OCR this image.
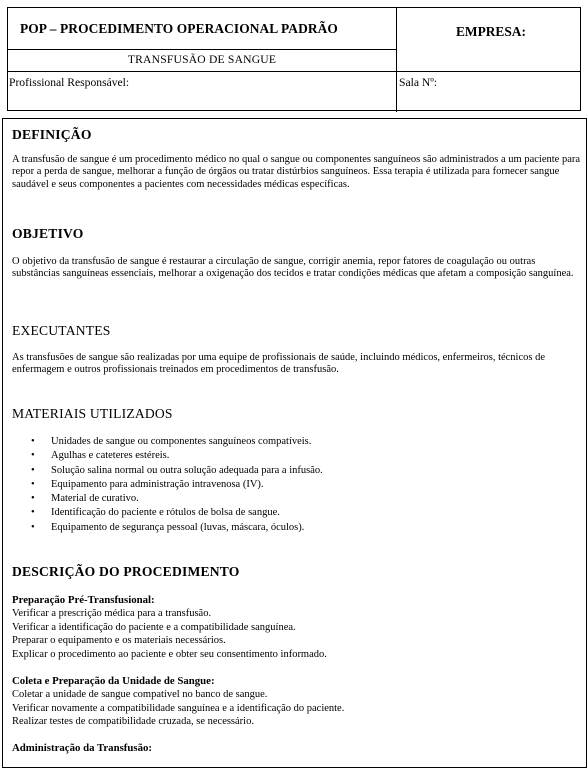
POP – PROCEDIMENTO OPERACIONAL PADRÃO	EMPRESA:
TRANSFUSÃO DE SANGUE
Profissional Responsável:	Sala Nº:
DEFINIÇÃO

A transfusão de sangue é um procedimento médico no qual o sangue ou componentes sanguíneos são administrados a um paciente para repor a perda de sangue, melhorar a função de órgãos ou tratar distúrbios sanguíneos. Essa terapia é utilizada para fornecer sangue saudável e seus componentes a pacientes com necessidades médicas específicas.

OBJETIVO

O objetivo da transfusão de sangue é restaurar a circulação de sangue, corrigir anemia, repor fatores de coagulação ou outras substâncias sanguíneas essenciais, melhorar a oxigenação dos tecidos e tratar condições médicas que afetam a composição sanguínea.

EXECUTANTES

As transfusões de sangue são realizadas por uma equipe de profissionais de saúde, incluindo médicos, enfermeiros, técnicos de enfermagem e outros profissionais treinados em procedimentos de transfusão.

MATERIAIS UTILIZADOS
• Unidades de sangue ou componentes sanguíneos compatíveis.
• Agulhas e cateteres estéreis.
• Solução salina normal ou outra solução adequada para a infusão.
• Equipamento para administração intravenosa (IV).
• Material de curativo.
• Identificação do paciente e rótulos de bolsa de sangue.
• Equipamento de segurança pessoal (luvas, máscara, óculos).
DESCRIÇÃO DO PROCEDIMENTO
Preparação Pré-Transfusional:
Verificar a prescrição médica para a transfusão.
Verificar a identificação do paciente e a compatibilidade sanguínea.
Preparar o equipamento e os materiais necessários.
Explicar o procedimento ao paciente e obter seu consentimento informado.
Coleta e Preparação da Unidade de Sangue:
Coletar a unidade de sangue compatível no banco de sangue.
Verificar novamente a compatibilidade sanguínea e a identificação do paciente.
Realizar testes de compatibilidade cruzada, se necessário.
Administração da Transfusão:
